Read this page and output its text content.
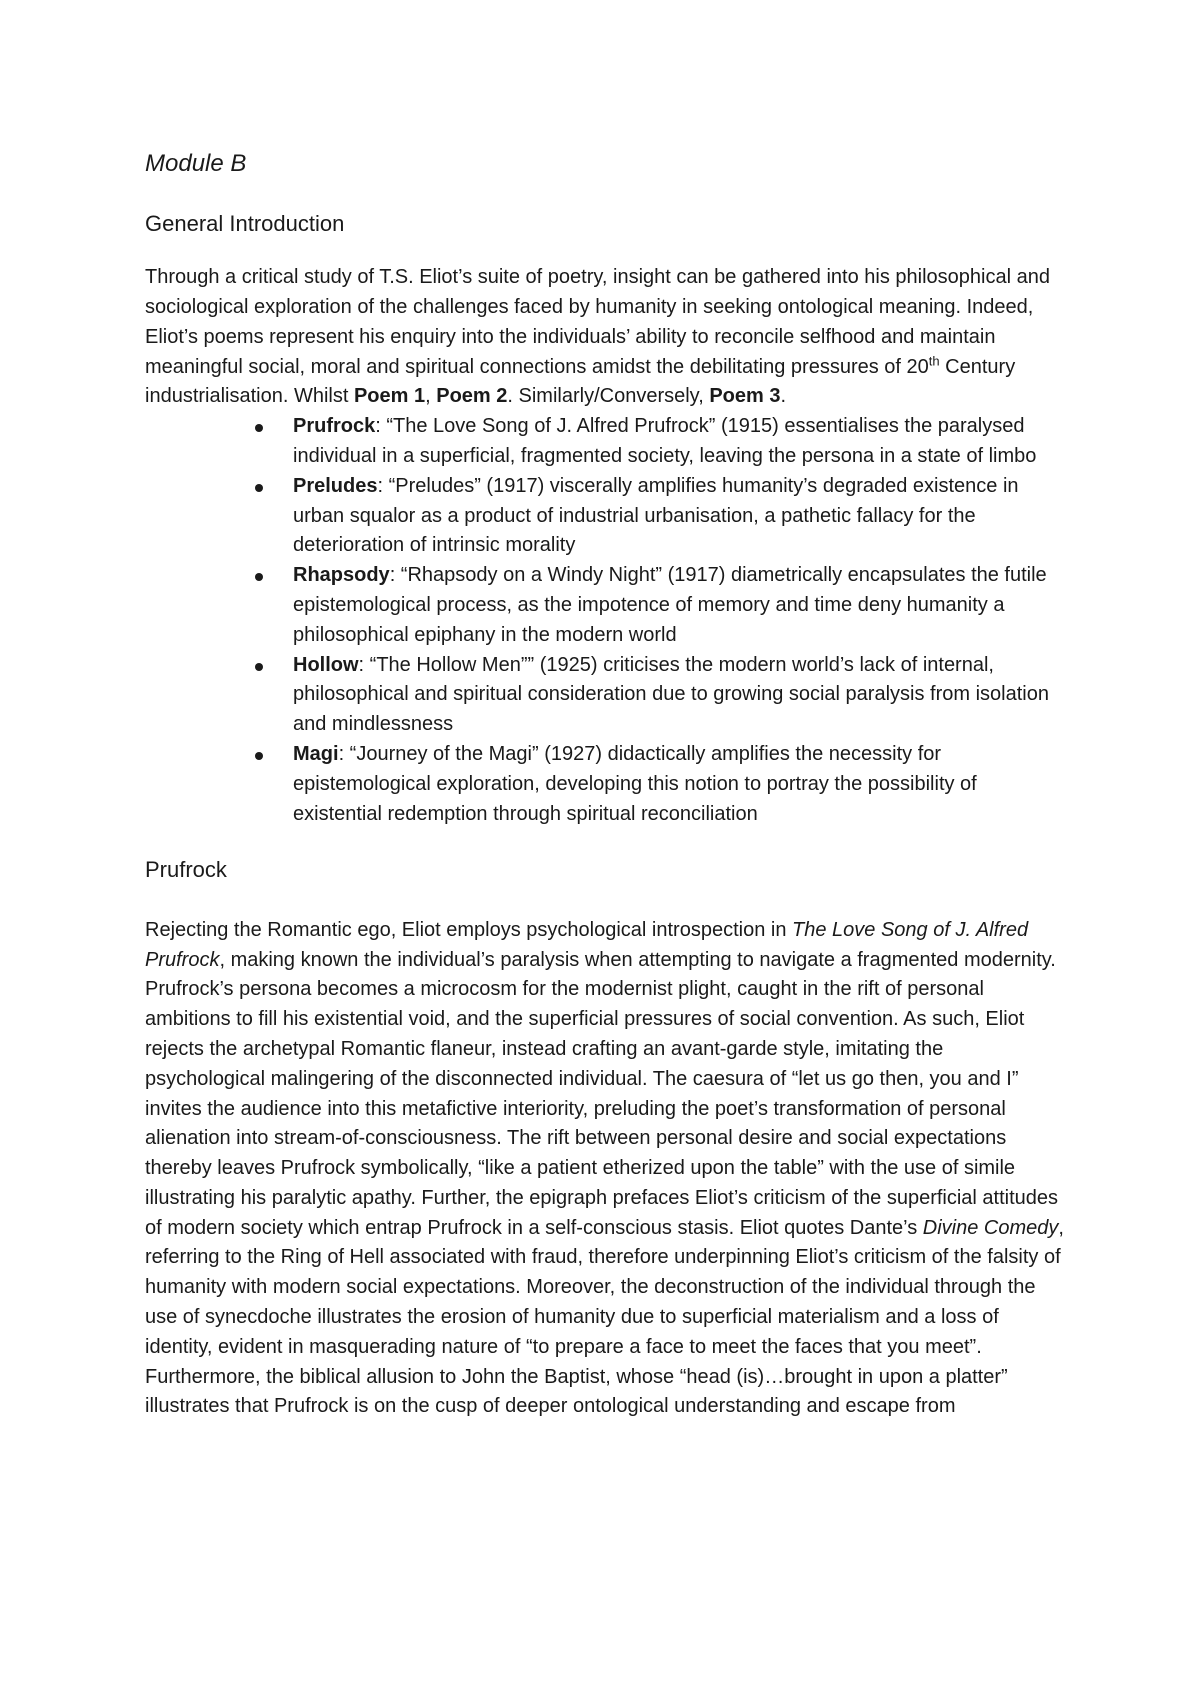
Module B
General Introduction

Through a critical study of T.S. Eliot’s suite of poetry, insight can be gathered into his philosophical and sociological exploration of the challenges faced by humanity in seeking ontological meaning. Indeed, Eliot’s poems represent his enquiry into the individuals’ ability to reconcile selfhood and maintain meaningful social, moral and spiritual connections amidst the debilitating pressures of 20th Century industrialisation. Whilst Poem 1, Poem 2. Similarly/Conversely, Poem 3.

Prufrock: “The Love Song of J. Alfred Prufrock” (1915) essentialises the paralysed individual in a superficial, fragmented society, leaving the persona in a state of limbo
Preludes: “Preludes” (1917) viscerally amplifies humanity’s degraded existence in urban squalor as a product of industrial urbanisation, a pathetic fallacy for the deterioration of intrinsic morality
Rhapsody: “Rhapsody on a Windy Night” (1917) diametrically encapsulates the futile epistemological process, as the impotence of memory and time deny humanity a philosophical epiphany in the modern world
Hollow: “The Hollow Men”” (1925) criticises the modern world’s lack of internal, philosophical and spiritual consideration due to growing social paralysis from isolation and mindlessness
Magi: “Journey of the Magi” (1927) didactically amplifies the necessity for epistemological exploration, developing this notion to portray the possibility of existential redemption through spiritual reconciliation
Prufrock

Rejecting the Romantic ego, Eliot employs psychological introspection in The Love Song of J. Alfred Prufrock, making known the individual’s paralysis when attempting to navigate a fragmented modernity. Prufrock’s persona becomes a microcosm for the modernist plight, caught in the rift of personal ambitions to fill his existential void, and the superficial pressures of social convention. As such, Eliot rejects the archetypal Romantic flaneur, instead crafting an avant-garde style, imitating the psychological malingering of the disconnected individual. The caesura of “let us go then, you and I” invites the audience into this metafictive interiority, preluding the poet’s transformation of personal alienation into stream-of-consciousness. The rift between personal desire and social expectations thereby leaves Prufrock symbolically, “like a patient etherized upon the table” with the use of simile illustrating his paralytic apathy. Further, the epigraph prefaces Eliot’s criticism of the superficial attitudes of modern society which entrap Prufrock in a self-conscious stasis. Eliot quotes Dante’s Divine Comedy, referring to the Ring of Hell associated with fraud, therefore underpinning Eliot’s criticism of the falsity of humanity with modern social expectations. Moreover, the deconstruction of the individual through the use of synecdoche illustrates the erosion of humanity due to superficial materialism and a loss of identity, evident in masquerading nature of “to prepare a face to meet the faces that you meet”. Furthermore, the biblical allusion to John the Baptist, whose “head (is)…brought in upon a platter” illustrates that Prufrock is on the cusp of deeper ontological understanding and escape from
